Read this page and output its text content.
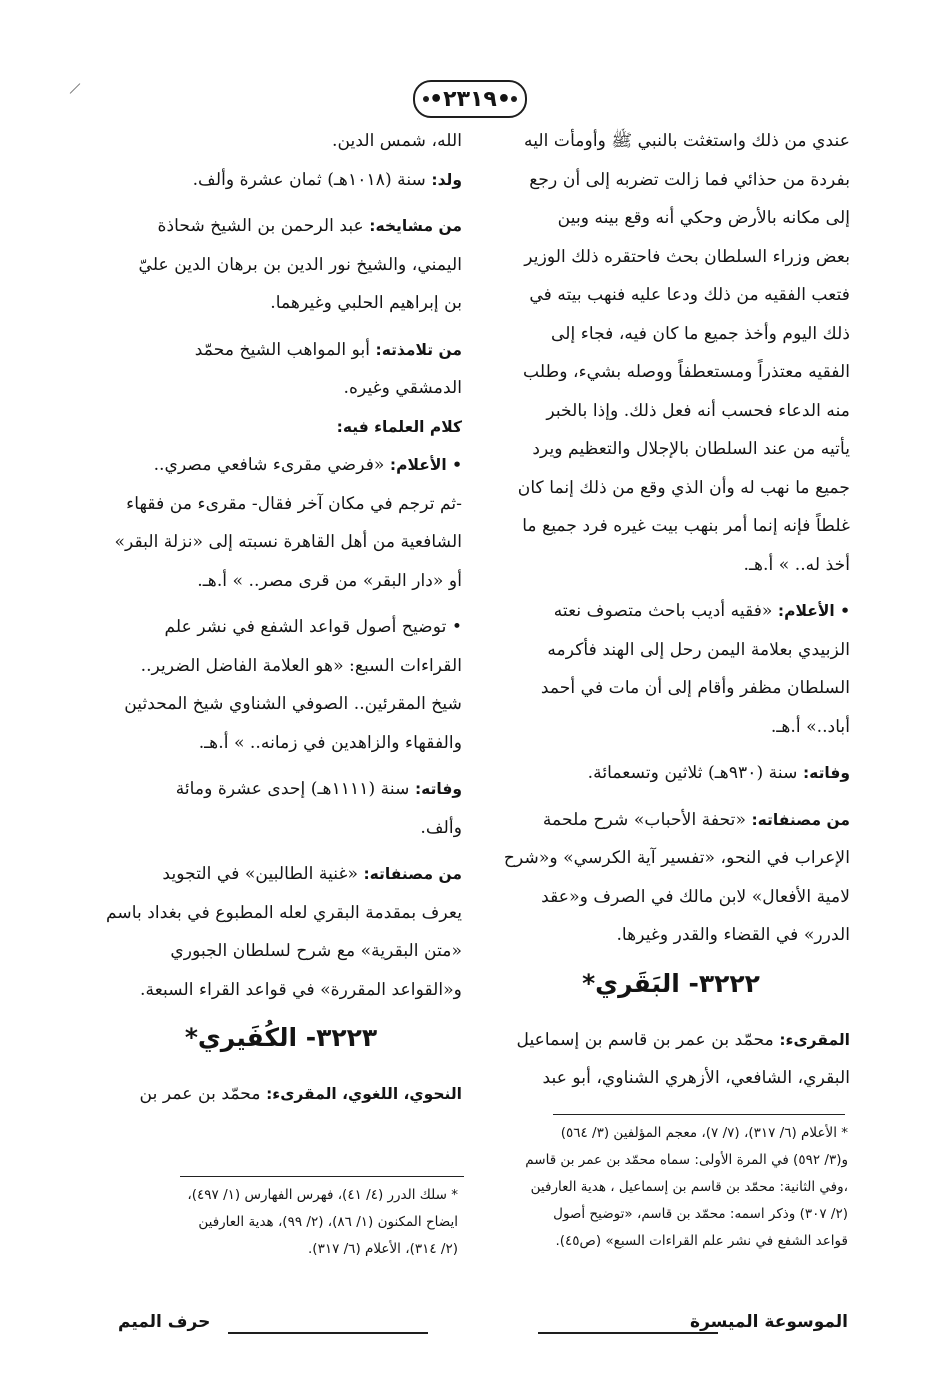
•٢٣١٩•
عندي من ذلك واستغثت بالنبي ﷺ وأومأت اليه
بفردة من حذائي فما زالت تضربه إلى أن رجع
إلى مكانه بالأرض وحكي أنه وقع بينه وبين
بعض وزراء السلطان بحث فاحتقره ذلك الوزير
فتعب الفقيه من ذلك ودعا عليه فنهب بيته في
ذلك اليوم وأخذ جميع ما كان فيه، فجاء إلى
الفقيه معتذراً ومستعطفاً ووصله بشيء، وطلب
منه الدعاء فحسب أنه فعل ذلك. وإذا بالخبر
يأتيه من عند السلطان بالإجلال والتعظيم ويرد
جميع ما نهب له وأن الذي وقع من ذلك إنما كان
غلطاً فإنه إنما أمر بنهب بيت غيره فرد جميع ما
أخذ له.. » أ.هـ.
• الأعلام: «فقيه أديب باحث متصوف نعته
الزبيدي بعلامة اليمن رحل إلى الهند فأكرمه
السلطان مظفر وأقام إلى أن مات في أحمد
أباد..» أ.هـ.
وفاته: سنة (٩٣٠هـ) ثلاثين وتسعمائة.
من مصنفاته: «تحفة الأحباب» شرح ملحمة
الإعراب في النحو، «تفسير آية الكرسي» و«شرح
لامية الأفعال» لابن مالك في الصرف و«عقد
الدرر» في القضاء والقدر وغيرها.
٣٢٢٢- البَقَري*
المقرىء: محمّد بن عمر بن قاسم بن إسماعيل
البقري، الشافعي، الأزهري الشناوي، أبو عبد
الله، شمس الدين.
ولد: سنة (١٠١٨هـ) ثمان عشرة وألف.
من مشايخه: عبد الرحمن بن الشيخ شحاذة
اليمني، والشيخ نور الدين بن برهان الدين عليّ
بن إبراهيم الحلبي وغيرهما.
من تلامذته: أبو المواهب الشيخ محمّد
الدمشقي وغيره.
كلام العلماء فيه:
• الأعلام: «فرضي مقرىء شافعي مصري..
-ثم ترجم في مكان آخر فقال- مقرىء من فقهاء
الشافعية من أهل القاهرة نسبته إلى «نزلة البقر»
أو «دار البقر» من قرى مصر.. » أ.هـ.
• توضيح أصول قواعد الشفع في نشر علم
القراءات السبع: «هو العلامة الفاضل الضرير..
شيخ المقرئين.. الصوفي الشناوي شيخ المحدثين
والفقهاء والزاهدين في زمانه.. » أ.هـ.
وفاته: سنة (١١١١هـ) إحدى عشرة ومائة
وألف.
من مصنفاته: «غنية الطالبين» في التجويد
يعرف بمقدمة البقري لعله المطبوع في بغداد باسم
«متن البقرية» مع شرح لسلطان الجبوري
و«القواعد المقررة» في قواعد القراء السبعة.
٣٢٢٣- الكُفَيري*
النحوي، اللغوي، المقرىء: محمّد بن عمر بن
* الأعلام (٦/ ٣١٧)، (٧/ ٧)، معجم المؤلفين (٣/ ٥٦٤)
و(٣/ ٥٩٢) في المرة الأولى: سماه محمّد بن عمر بن قاسم
،وفي الثانية: محمّد بن قاسم بن إسماعيل ، هدية العارفين
(٢/ ٣٠٧) وذكر اسمه: محمّد بن قاسم، «توضيح أصول
قواعد الشفع في نشر علم القراءات السبع» (ص٤٥).
* سلك الدرر (٤/ ٤١)، فهرس الفهارس (١/ ٤٩٧)،
ايضاح المكنون (١/ ٨٦)، (٢/ ٩٩)، هدية العارفين
(٢/ ٣١٤)، الأعلام (٦/ ٣١٧).
الموسوعة الميسرة
حرف الميم
